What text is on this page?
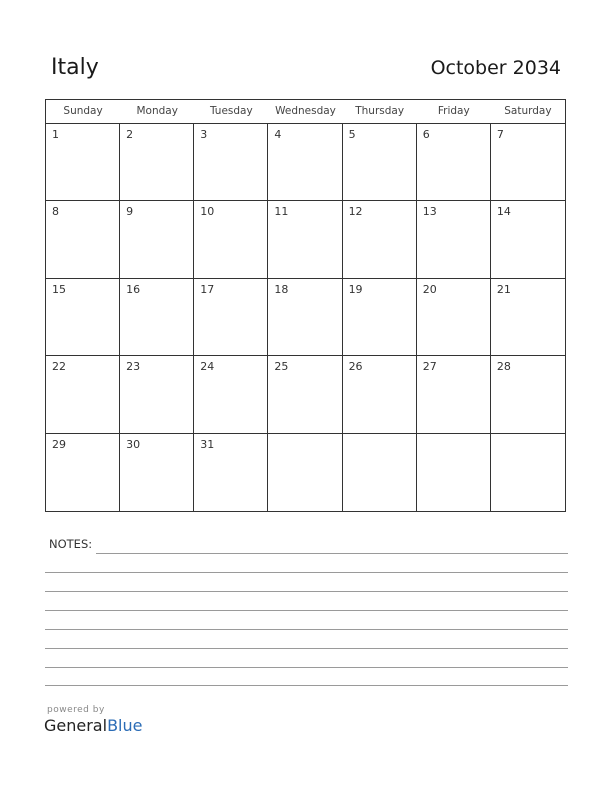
Italy	October 2034
Sunday	Monday	Tuesday	Wednesday	Thursday	Friday	Saturday
1	2	3	4	5	6	7
8	9	10	11	12	13	14
15	16	17	18	19	20	21
22	23	24	25	26	27	28
29	30	31
NOTES:
powered by
GeneralBlue
